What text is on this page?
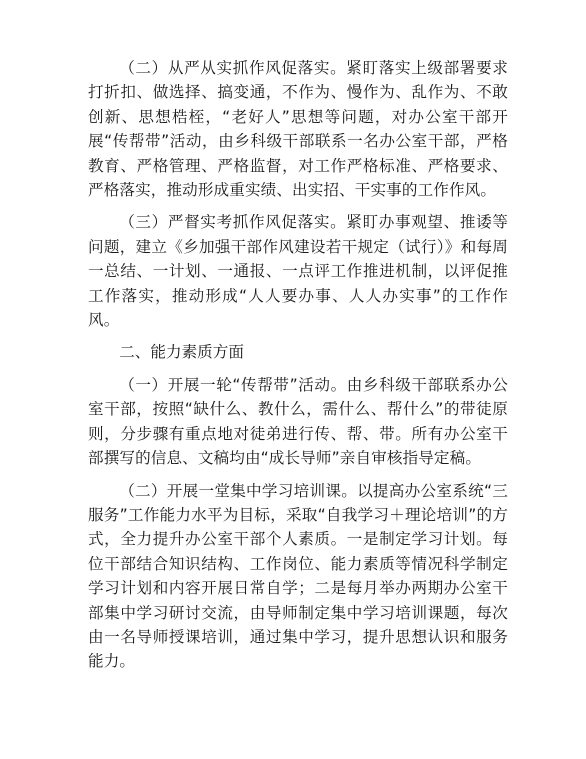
（二）从严从实抓作风促落实。紧盯落实上级部署要求打折扣、做选择、搞变通，不作为、慢作为、乱作为、不敢创新、思想梏桎，“老好人”思想等问题，对办公室干部开展“传帮带”活动，由乡科级干部联系一名办公室干部，严格教育、严格管理、严格监督，对工作严格标准、严格要求、严格落实，推动形成重实绩、出实招、干实事的工作作风。

（三）严督实考抓作风促落实。紧盯办事观望、推诿等问题，建立《乡加强干部作风建设若干规定（试行）》和每周一总结、一计划、一通报、一点评工作推进机制，以评促推工作落实，推动形成“人人要办事、人人办实事”的工作作风。

二、能力素质方面

（一）开展一轮“传帮带”活动。由乡科级干部联系办公室干部，按照“缺什么、教什么，需什么、帮什么”的带徒原则，分步骤有重点地对徒弟进行传、帮、带。所有办公室干部撰写的信息、文稿均由“成长导师”亲自审核指导定稿。

（二）开展一堂集中学习培训课。以提高办公室系统“三服务”工作能力水平为目标，采取“自我学习＋理论培训”的方式，全力提升办公室干部个人素质。一是制定学习计划。每位干部结合知识结构、工作岗位、能力素质等情况科学制定学习计划和内容开展日常自学；二是每月举办两期办公室干部集中学习研讨交流，由导师制定集中学习培训课题，每次由一名导师授课培训，通过集中学习，提升思想认识和服务能力。
